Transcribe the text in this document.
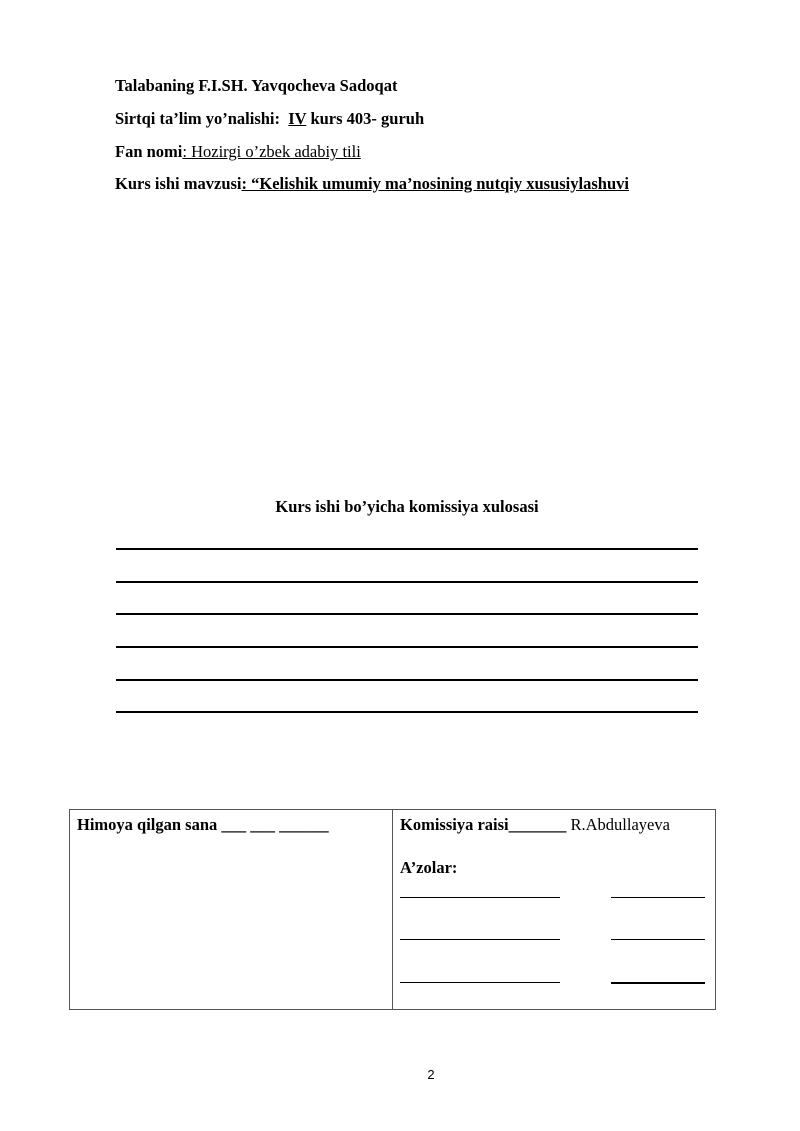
Talabaning F.I.SH. Yavqocheva Sadoqat
Sirtqi ta’lim yo’nalishi: IV kurs 403- guruh
Fan nomi: Hozirgi o’zbek adabiy tili
Kurs ishi mavzusi: “Kelishik umumiy ma’nosining nutqiy xususiylashuvi
Kurs ishi bo’yicha komissiya xulosasi
Himoya qilgan sana ___ ___ ______	Komissiya raisi_______ R.Abdullayeva
A’zolar:
2
